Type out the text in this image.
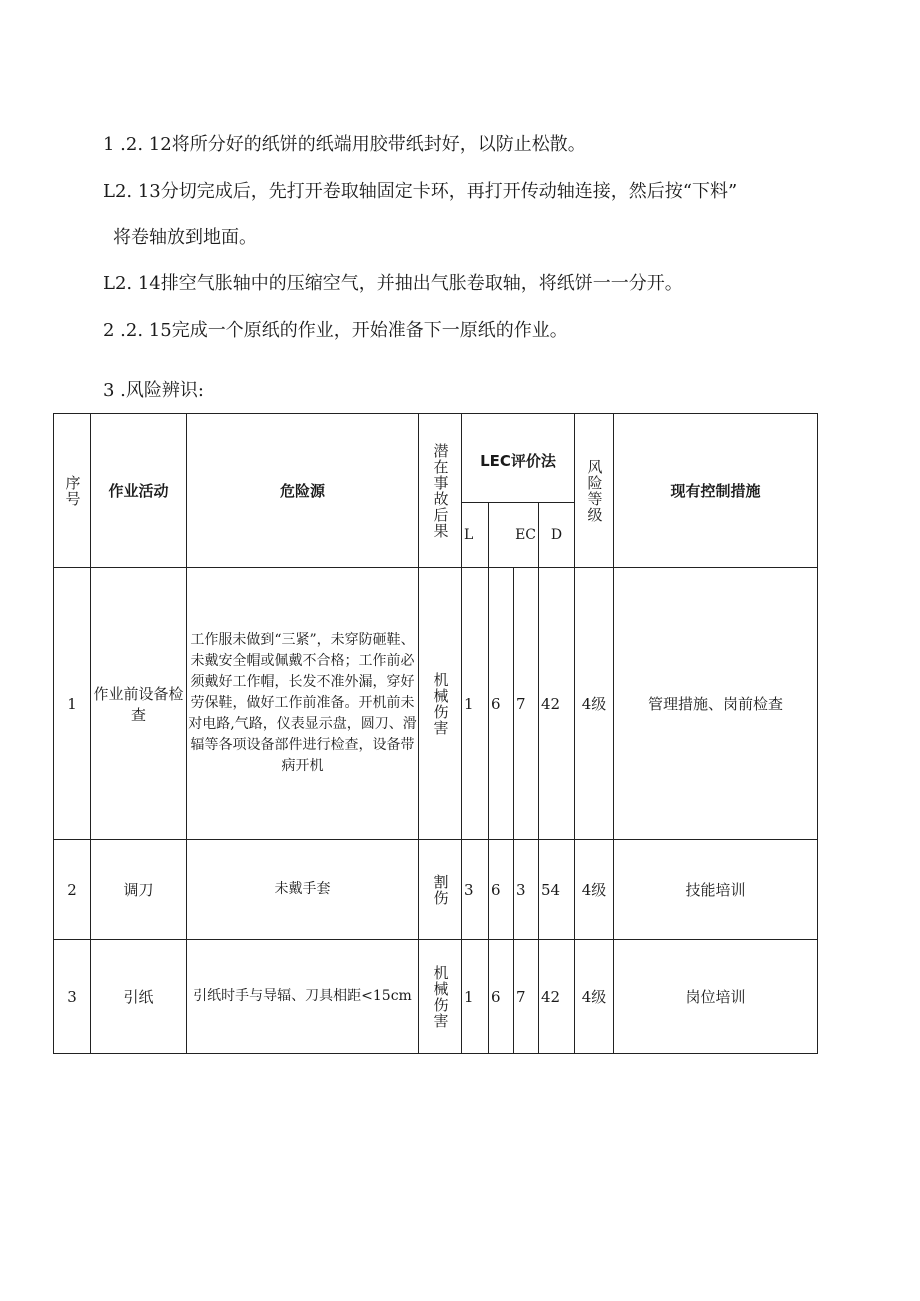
1 .2. 12将所分好的纸饼的纸端用胶带纸封好，以防止松散。
L2. 13分切完成后，先打开卷取轴固定卡环，再打开传动轴连接，然后按“下料”
将卷轴放到地面。
L2. 14排空气胀轴中的压缩空气，并抽出气胀卷取轴，将纸饼一一分开。
2 .2. 15完成一个原纸的作业，开始准备下一原纸的作业。
3 .风险辨识:
序号	作业活动	危险源	潜在事故后果	LEC评价法				风险等级	现有控制措施
				L	EC		D		
1	作业前设备检查	工作服未做到“三紧”，未穿防砸鞋、未戴安全帽或佩戴不合格；工作前必须戴好工作帽，长发不准外漏，穿好劳保鞋，做好工作前准备。开机前未对电路,气路，仪表显示盘，圆刀、滑辐等各项设备部件进行检查，设备带病开机	机械伤害	1	6	7	42	4级	管理措施、岗前检查
2	调刀	未戴手套	割伤	3	6	3	54	4级	技能培训
3	引纸	引纸时手与导辐、刀具相距<15cm	机械伤害	1	6	7	42	4级	岗位培训
